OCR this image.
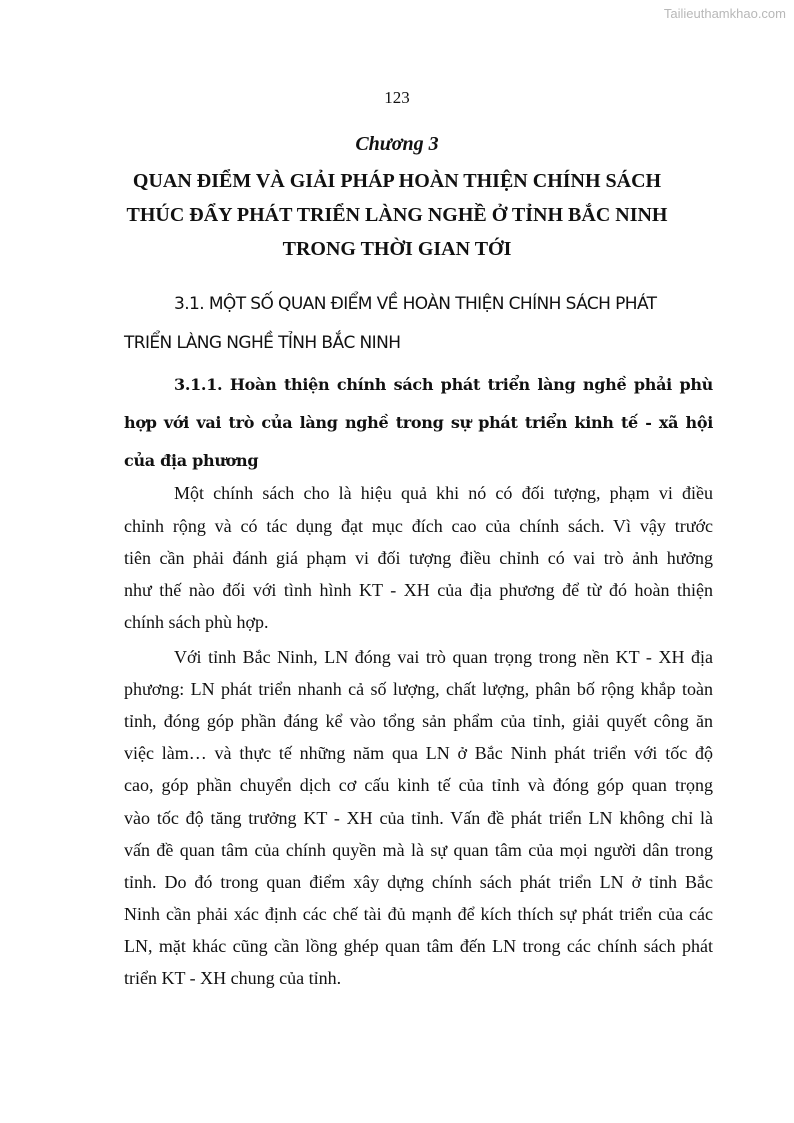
Tailieuthamkhao.com
123
Chương 3
QUAN ĐIỂM VÀ GIẢI PHÁP HOÀN THIỆN CHÍNH SÁCH
THÚC ĐẨY PHÁT TRIỂN LÀNG NGHỀ Ở TỈNH BẮC NINH
TRONG THỜI GIAN TỚI
3.1. MỘT SỐ QUAN ĐIỂM VỀ HOÀN THIỆN CHÍNH SÁCH PHÁT
TRIỂN LÀNG NGHỀ TỈNH BẮC NINH
3.1.1. Hoàn thiện chính sách phát triển làng nghề phải phù
hợp với vai trò của làng nghề trong sự phát triển kinh tế - xã hội
của địa phương
Một chính sách cho là hiệu quả khi nó có đối tượng, phạm vi điều
chỉnh rộng và có tác dụng đạt mục đích cao của chính sách. Vì vậy trước
tiên cần phải đánh giá phạm vi đối tượng điều chỉnh có vai trò ảnh hưởng
như thế nào đối với tình hình KT - XH của địa phương để từ đó hoàn thiện
chính sách phù hợp.
Với tỉnh Bắc Ninh, LN đóng vai trò quan trọng trong nền KT - XH địa
phương: LN phát triển nhanh cả số lượng, chất lượng, phân bố rộng khắp toàn
tỉnh, đóng góp phần đáng kể vào tổng sản phẩm của tỉnh, giải quyết công ăn
việc làm… và thực tế những năm qua LN ở Bắc Ninh phát triển với tốc độ
cao, góp phần chuyển dịch cơ cấu kinh tế của tỉnh và đóng góp quan trọng
vào tốc độ tăng trưởng KT - XH của tỉnh. Vấn đề phát triển LN không chỉ là
vấn đề quan tâm của chính quyền mà là sự quan tâm của mọi người dân trong
tỉnh. Do đó trong quan điểm xây dựng chính sách phát triển LN ở tỉnh Bắc
Ninh cần phải xác định các chế tài đủ mạnh để kích thích sự phát triển của các
LN, mặt khác cũng cần lồng ghép quan tâm đến LN trong các chính sách phát
triển KT - XH chung của tỉnh.
